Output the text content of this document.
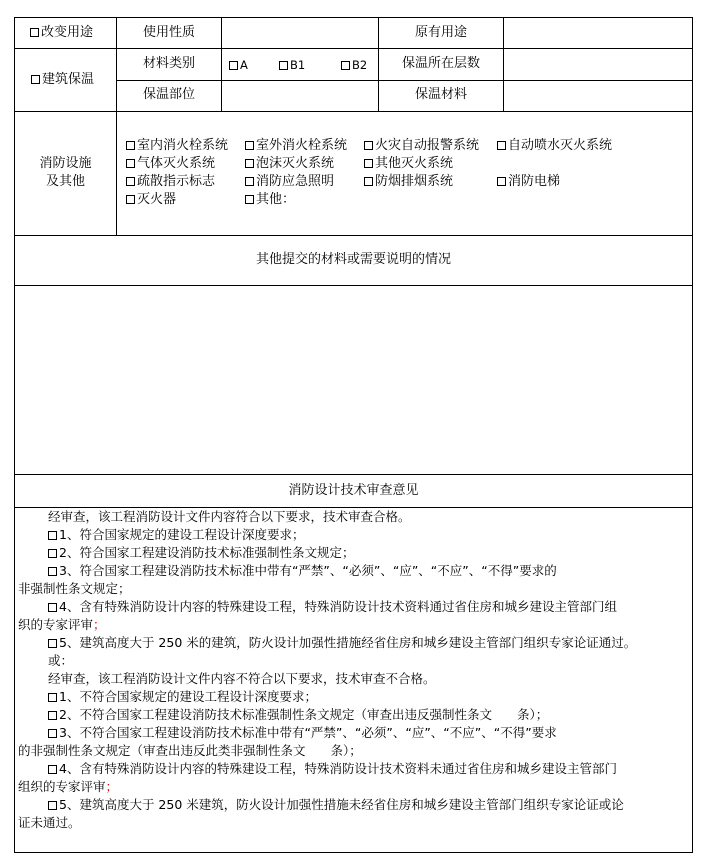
改变用途	使用性质	原有用途
建筑保温
材料类别	A	B1	B2	保温所在层数
保温部位	保温材料
消防设施
及其他
室内消火栓系统	室外消火栓系统	火灾自动报警系统	自动喷水灭火系统
气体灭火系统	泡沫灭火系统	其他灭火系统
疏散指示标志	消防应急照明	防烟排烟系统	消防电梯
灭火器	其他：
其他提交的材料或需要说明的情况
消防设计技术审查意见
经审查，该工程消防设计文件内容符合以下要求，技术审查合格。
1、符合国家规定的建设工程设计深度要求；
2、符合国家工程建设消防技术标准强制性条文规定；
3、符合国家工程建设消防技术标准中带有“严禁”、“必须”、“应”、“不应”、“不得”要求的
非强制性条文规定；
4、含有特殊消防设计内容的特殊建设工程，特殊消防设计技术资料通过省住房和城乡建设主管部门组
织的专家评审；
5、建筑高度大于 250 米的建筑，防火设计加强性措施经省住房和城乡建设主管部门组织专家论证通过。
或：
经审查，该工程消防设计文件内容不符合以下要求，技术审查不合格。
1、不符合国家规定的建设工程设计深度要求；
2、不符合国家工程建设消防技术标准强制性条文规定（审查出违反强制性条文　　条）；
3、不符合国家工程建设消防技术标准中带有“严禁”、“必须”、“应”、“不应”、“不得”要求
的非强制性条文规定（审查出违反此类非强制性条文　　条）；
4、含有特殊消防设计内容的特殊建设工程，特殊消防设计技术资料未通过省住房和城乡建设主管部门
组织的专家评审；
5、建筑高度大于 250 米建筑，防火设计加强性措施未经省住房和城乡建设主管部门组织专家论证或论
证未通过。
